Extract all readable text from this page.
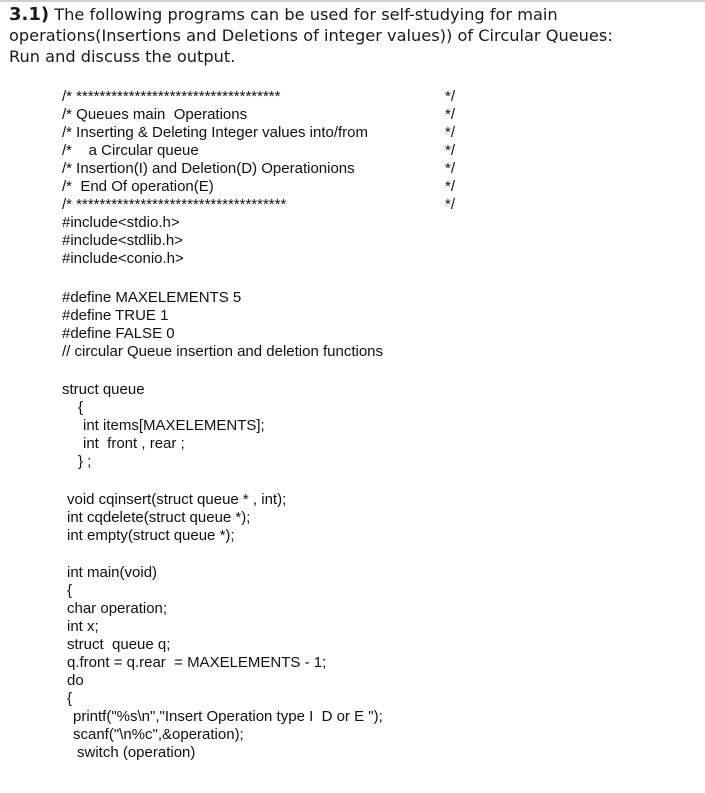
3.1) The following programs can be used for self-studying for main
operations(Insertions and Deletions of integer values)) of Circular Queues:
Run and discuss the output.
/* ***********************************	*/
/* Queues main  Operations	*/
/* Inserting & Deleting Integer values into/from	*/
/*    a Circular queue	*/
/* Insertion(I) and Deletion(D) Operationions	*/
/*  End Of operation(E)	*/
/* ************************************	*/
#include<stdio.h>
#include<stdlib.h>
#include<conio.h>
#define MAXELEMENTS 5
#define TRUE 1
#define FALSE 0
// circular Queue insertion and deletion functions
struct queue
{
int items[MAXELEMENTS];
int  front , rear ;
} ;
void cqinsert(struct queue * , int);
int cqdelete(struct queue *);
int empty(struct queue *);
int main(void)
{
char operation;
int x;
struct  queue q;
q.front = q.rear  = MAXELEMENTS - 1;
do
{
printf("%s\n","Insert Operation type I  D or E ");
scanf("\n%c",&operation);
switch (operation)
